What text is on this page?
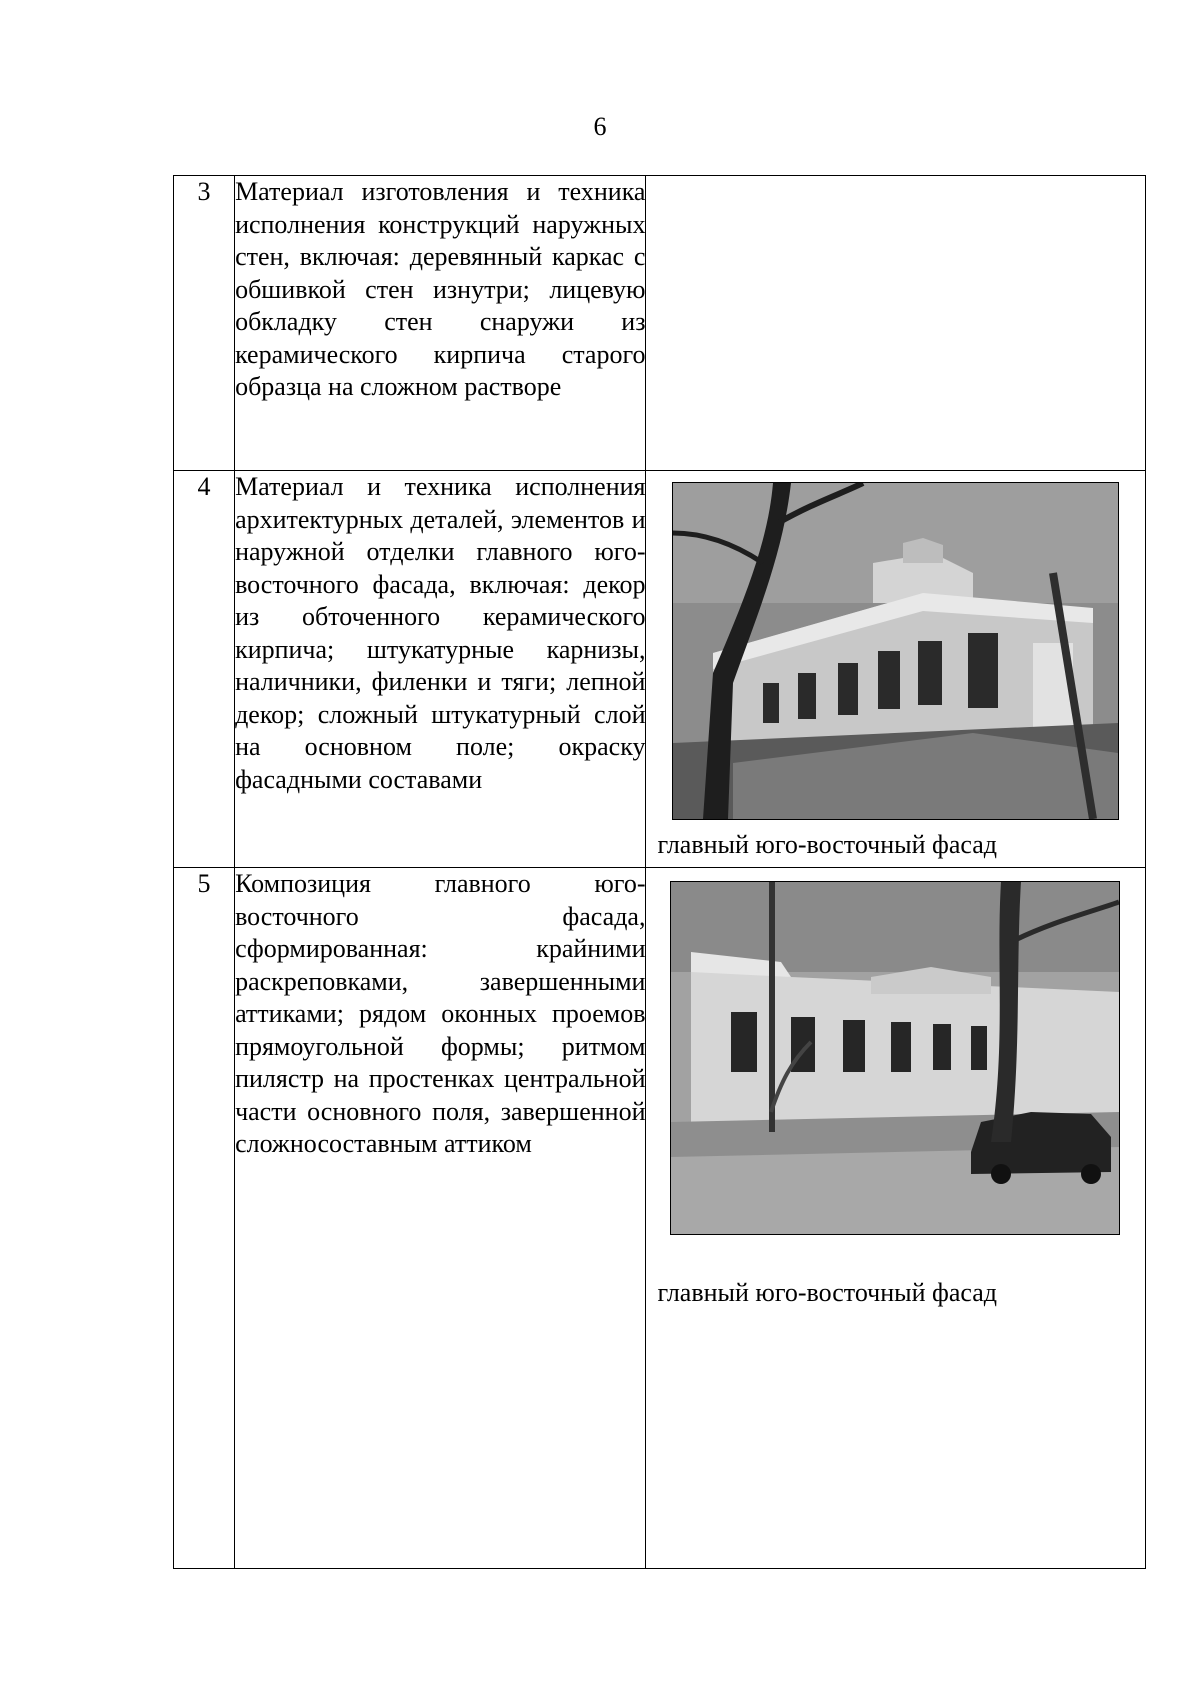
6
3	Материал изготовления и техника исполнения конструкций наружных стен, включая: деревянный каркас с обшивкой стен изнутри; лицевую обкладку стен снаружи из керамического кирпича старого образца на сложном растворе	
4	Материал и техника исполнения архитектурных деталей, элементов и наружной отделки главного юго-восточного фасада, включая: декор из обточенного керамического кирпича; штукатурные карнизы, наличники, филенки и тяги; лепной декор; сложный штукатурный слой на основном поле; окраску фасадными составами	главный юго-восточный фасад

5	Композиция главного юго-восточного фасада, сформированная: крайними раскреповками, завершенными аттиками; рядом оконных проемов прямоугольной формы; ритмом пилястр на простенках центральной части основного поля, завершенной сложносоставным аттиком	главный юго-восточный фасад
